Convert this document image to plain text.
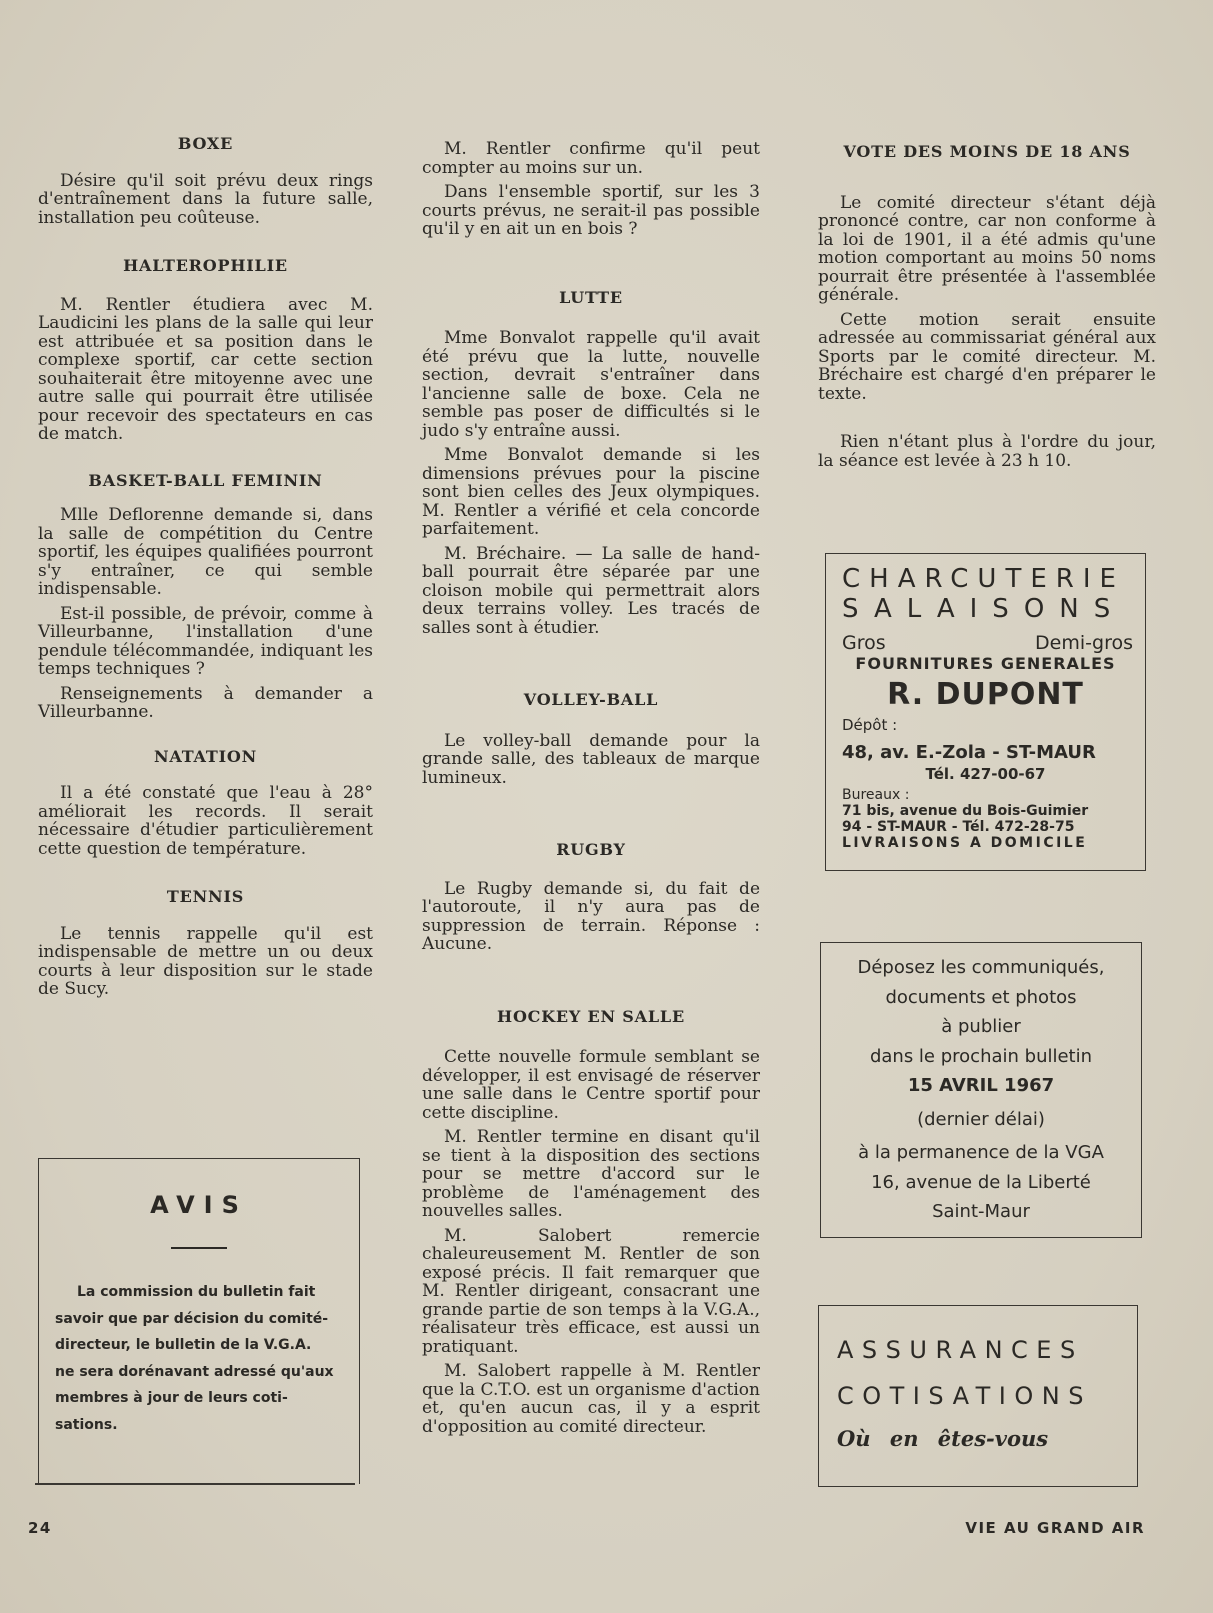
BOXE

Désire qu'il soit prévu deux rings d'entraînement dans la future salle, installation peu coûteuse.

HALTEROPHILIE

M. Rentler étudiera avec M. Laudicini les plans de la salle qui leur est attribuée et sa position dans le complexe sportif, car cette section souhaiterait être mitoyenne avec une autre salle qui pourrait être utilisée pour recevoir des spectateurs en cas de match.

BASKET-BALL FEMININ

Mlle Deflorenne demande si, dans la salle de compétition du Centre sportif, les équipes qualifiées pourront s'y entraîner, ce qui semble indispensable.

Est-il possible, de prévoir, comme à Villeurbanne, l'installation d'une pendule télécommandée, indiquant les temps techniques ?

Renseignements à demander a Villeurbanne.

NATATION

Il a été constaté que l'eau à 28° améliorait les records. Il serait nécessaire d'étudier particulièrement cette question de température.

TENNIS

Le tennis rappelle qu'il est indispensable de mettre un ou deux courts à leur disposition sur le stade de Sucy.

AVIS
La commission du bulletin fait
savoir que par décision du comité-
directeur, le bulletin de la V.G.A.
ne sera dorénavant adressé qu'aux
membres à jour de leurs coti-
sations.

M. Rentler confirme qu'il peut compter au moins sur un.

Dans l'ensemble sportif, sur les 3 courts prévus, ne serait-il pas possible qu'il y en ait un en bois ?

LUTTE

Mme Bonvalot rappelle qu'il avait été prévu que la lutte, nouvelle section, devrait s'entraîner dans l'ancienne salle de boxe. Cela ne semble pas poser de difficultés si le judo s'y entraîne aussi.

Mme Bonvalot demande si les dimensions prévues pour la piscine sont bien celles des Jeux olympiques. M. Rentler a vérifié et cela concorde parfaitement.

M. Bréchaire. — La salle de hand-ball pourrait être séparée par une cloison mobile qui permettrait alors deux terrains volley. Les tracés de salles sont à étudier.

VOLLEY-BALL

Le volley-ball demande pour la grande salle, des tableaux de marque lumineux.

RUGBY

Le Rugby demande si, du fait de l'autoroute, il n'y aura pas de suppression de terrain. Réponse : Aucune.

HOCKEY EN SALLE

Cette nouvelle formule semblant se développer, il est envisagé de réserver une salle dans le Centre sportif pour cette discipline.

M. Rentler termine en disant qu'il se tient à la disposition des sections pour se mettre d'accord sur le problème de l'aménagement des nouvelles salles.

M. Salobert remercie chaleureusement M. Rentler de son exposé précis. Il fait remarquer que M. Rentler dirigeant, consacrant une grande partie de son temps à la V.G.A., réalisateur très efficace, est aussi un pratiquant.

M. Salobert rappelle à M. Rentler que la C.T.O. est un organisme d'action et, qu'en aucun cas, il y a esprit d'opposition au comité directeur.

VOTE DES MOINS DE 18 ANS

Le comité directeur s'étant déjà prononcé contre, car non conforme à la loi de 1901, il a été admis qu'une motion comportant au moins 50 noms pourrait être présentée à l'assemblée générale.

Cette motion serait ensuite adressée au commissariat général aux Sports par le comité directeur. M. Bréchaire est chargé d'en préparer le texte.

Rien n'étant plus à l'ordre du jour, la séance est levée à 23 h 10.

CHARCUTERIE
SALAISONS
Gros	Demi-gros
FOURNITURES GENERALES
R. DUPONT
Dépôt :
48, av. E.-Zola - ST-MAUR
Tél. 427-00-67
Bureaux :
71 bis, avenue du Bois-Guimier
94 - ST-MAUR - Tél. 472-28-75
LIVRAISONS A DOMICILE
Déposez les communiqués,
documents et photos
à publier
dans le prochain bulletin
15 AVRIL 1967
(dernier délai)
à la permanence de la VGA
16, avenue de la Liberté
Saint-Maur
ASSURANCES
COTISATIONS
Où en êtes-vous
24	VIE AU GRAND AIR
